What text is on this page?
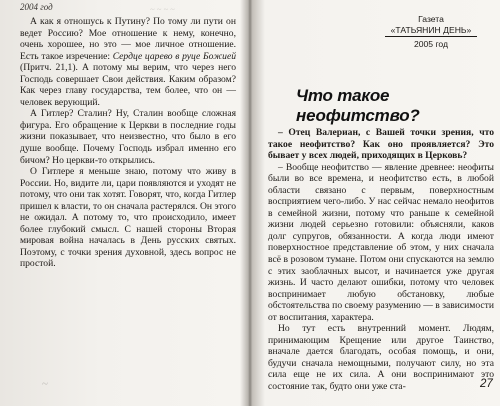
2004 год	~ ~ ~ ~

А как я отношусь к Путину? По тому ли пути он ведет Россию? Мое отношение к нему, конечно, очень хорошее, но это — мое личное отношение. Есть такое изречение: Сердце царево в руце Божией (Притч. 21,1). А потому мы верим, что через него Господь совершает Свои действия. Каким образом? Как через главу государства, тем более, что он — человек верующий.

А Гитлер? Сталин? Ну, Сталин вообще сложная фигура. Его обращение к Церкви в последние годы жизни показывает, что неизвестно, что было в его душе вообще. Почему Господь избрал именно его бичом? Но церкви-то открылись.

О Гитлере я меньше знаю, потому что живу в России. Но, видите ли, цари появляются и уходят не потому, что они так хотят. Говорят, что, когда Гитлер пришел к власти, то он сначала растерялся. Он этого не ожидал. А потому то, что происходило, имеет более глубокий смысл. С нашей стороны Вторая мировая война началась в День русских святых. Поэтому, с точки зрения духовной, здесь вопрос не простой.

~
Газета
«ТАТЬЯНИН ДЕНЬ»
2005 год
Что такое неофитство?

– Отец Валериан, с Вашей точки зрения, что такое неофитство? Как оно проявляется? Это бывает у всех людей, приходящих в Церковь?

– Вообще неофитство — явление древнее: неофиты были во все времена, и неофитство есть, в любой области связано с первым, поверхностным восприятием чего-либо. У нас сейчас немало неофитов в семейной жизни, потому что раньше к семейной жизни людей серьезно готовили: объясняли, каков долг супругов, обязанности. А когда люди имеют поверхностное представление об этом, у них сначала всё в розовом тумане. Потом они спускаются на землю с этих заоблачных высот, и начинается уже другая жизнь. И часто делают ошибки, потому что человек воспринимает любую обстановку, любые обстоятельства по своему разумению — в зависимости от воспитания, характера.

Но тут есть внутренний момент. Людям, принимающим Крещение или другое Таинство, вначале дается благодать, особая помощь, и они, будучи сначала немощными, получают силу, но эта сила еще не их сила. А они воспринимают это состояние так, будто они уже ста-	27
